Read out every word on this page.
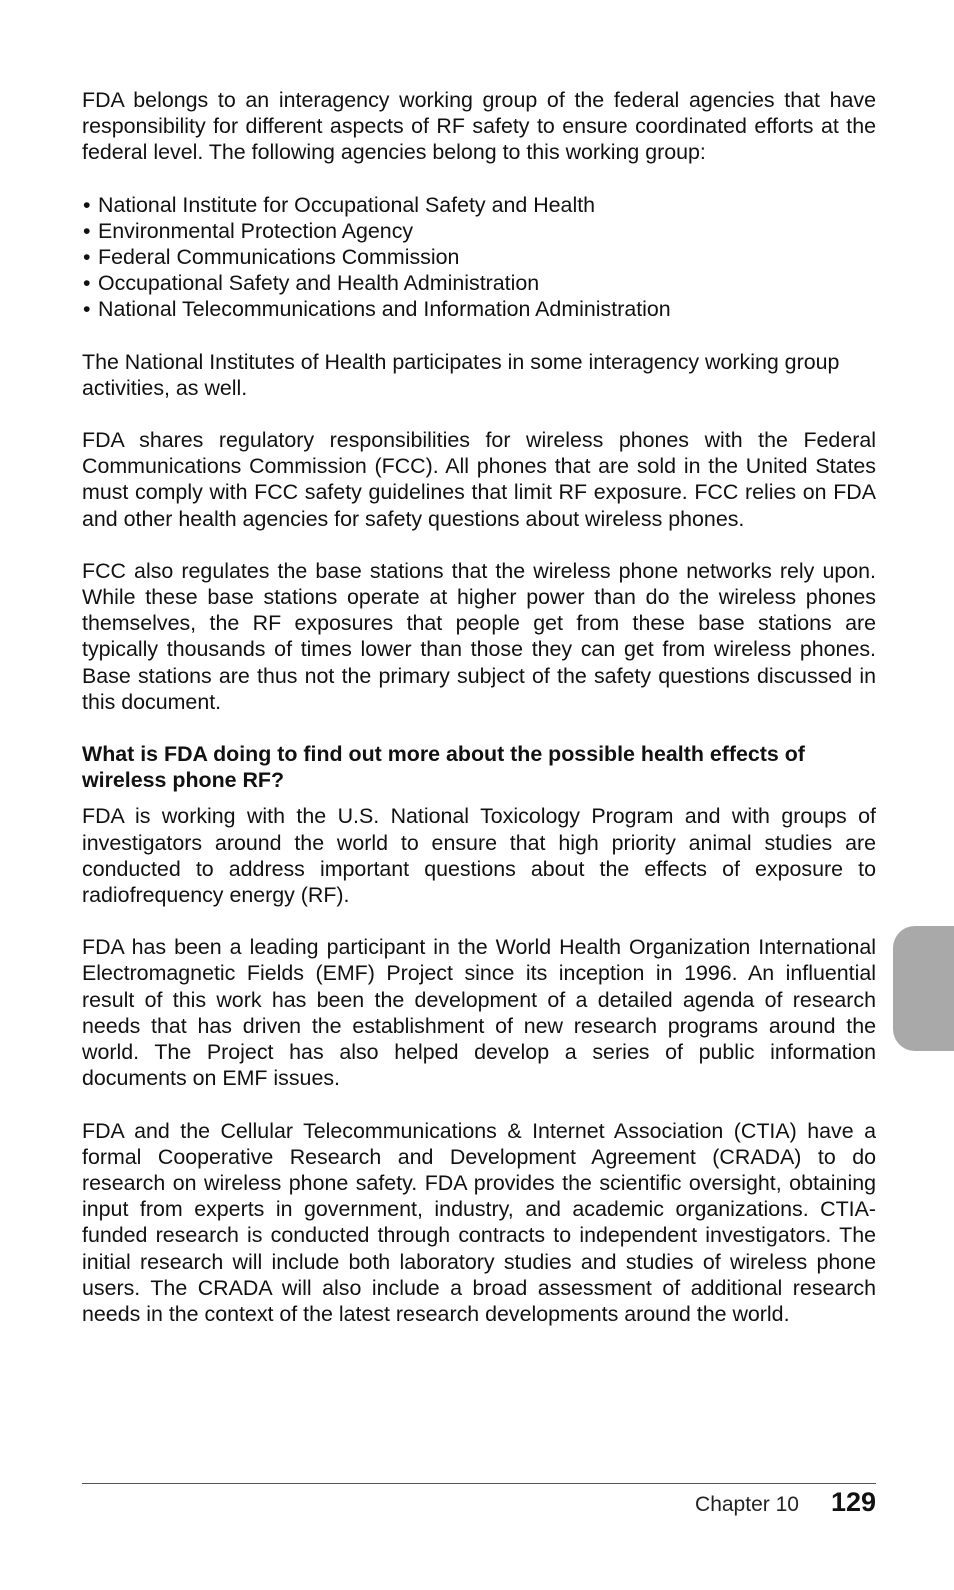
FDA belongs to an interagency working group of the federal agencies that have responsibility for different aspects of RF safety to ensure coordinated efforts at the federal level. The following agencies belong to this working group:

• National Institute for Occupational Safety and Health
• Environmental Protection Agency
• Federal Communications Commission
• Occupational Safety and Health Administration
• National Telecommunications and Information Administration

The National Institutes of Health participates in some interagency working group activities, as well.

FDA shares regulatory responsibilities for wireless phones with the Federal Communications Commission (FCC). All phones that are sold in the United States must comply with FCC safety guidelines that limit RF exposure. FCC relies on FDA and other health agencies for safety questions about wireless phones.

FCC also regulates the base stations that the wireless phone networks rely upon. While these base stations operate at higher power than do the wireless phones themselves, the RF exposures that people get from these base stations are typically thousands of times lower than those they can get from wireless phones. Base stations are thus not the primary subject of the safety questions discussed in this document.

What is FDA doing to find out more about the possible health effects of wireless phone RF?

FDA is working with the U.S. National Toxicology Program and with groups of investigators around the world to ensure that high priority animal studies are conducted to address important questions about the effects of exposure to radiofrequency energy (RF).

FDA has been a leading participant in the World Health Organization International Electromagnetic Fields (EMF) Project since its inception in 1996. An influential result of this work has been the development of a detailed agenda of research needs that has driven the establishment of new research programs around the world. The Project has also helped develop a series of public information documents on EMF issues.

FDA and the Cellular Telecommunications & Internet Association (CTIA) have a formal Cooperative Research and Development Agreement (CRADA) to do research on wireless phone safety. FDA provides the scientific oversight, obtaining input from experts in government, industry, and academic organizations. CTIA-funded research is conducted through contracts to independent investigators. The initial research will include both laboratory studies and studies of wireless phone users. The CRADA will also include a broad assessment of additional research needs in the context of the latest research developments around the world.

Chapter 10 129
